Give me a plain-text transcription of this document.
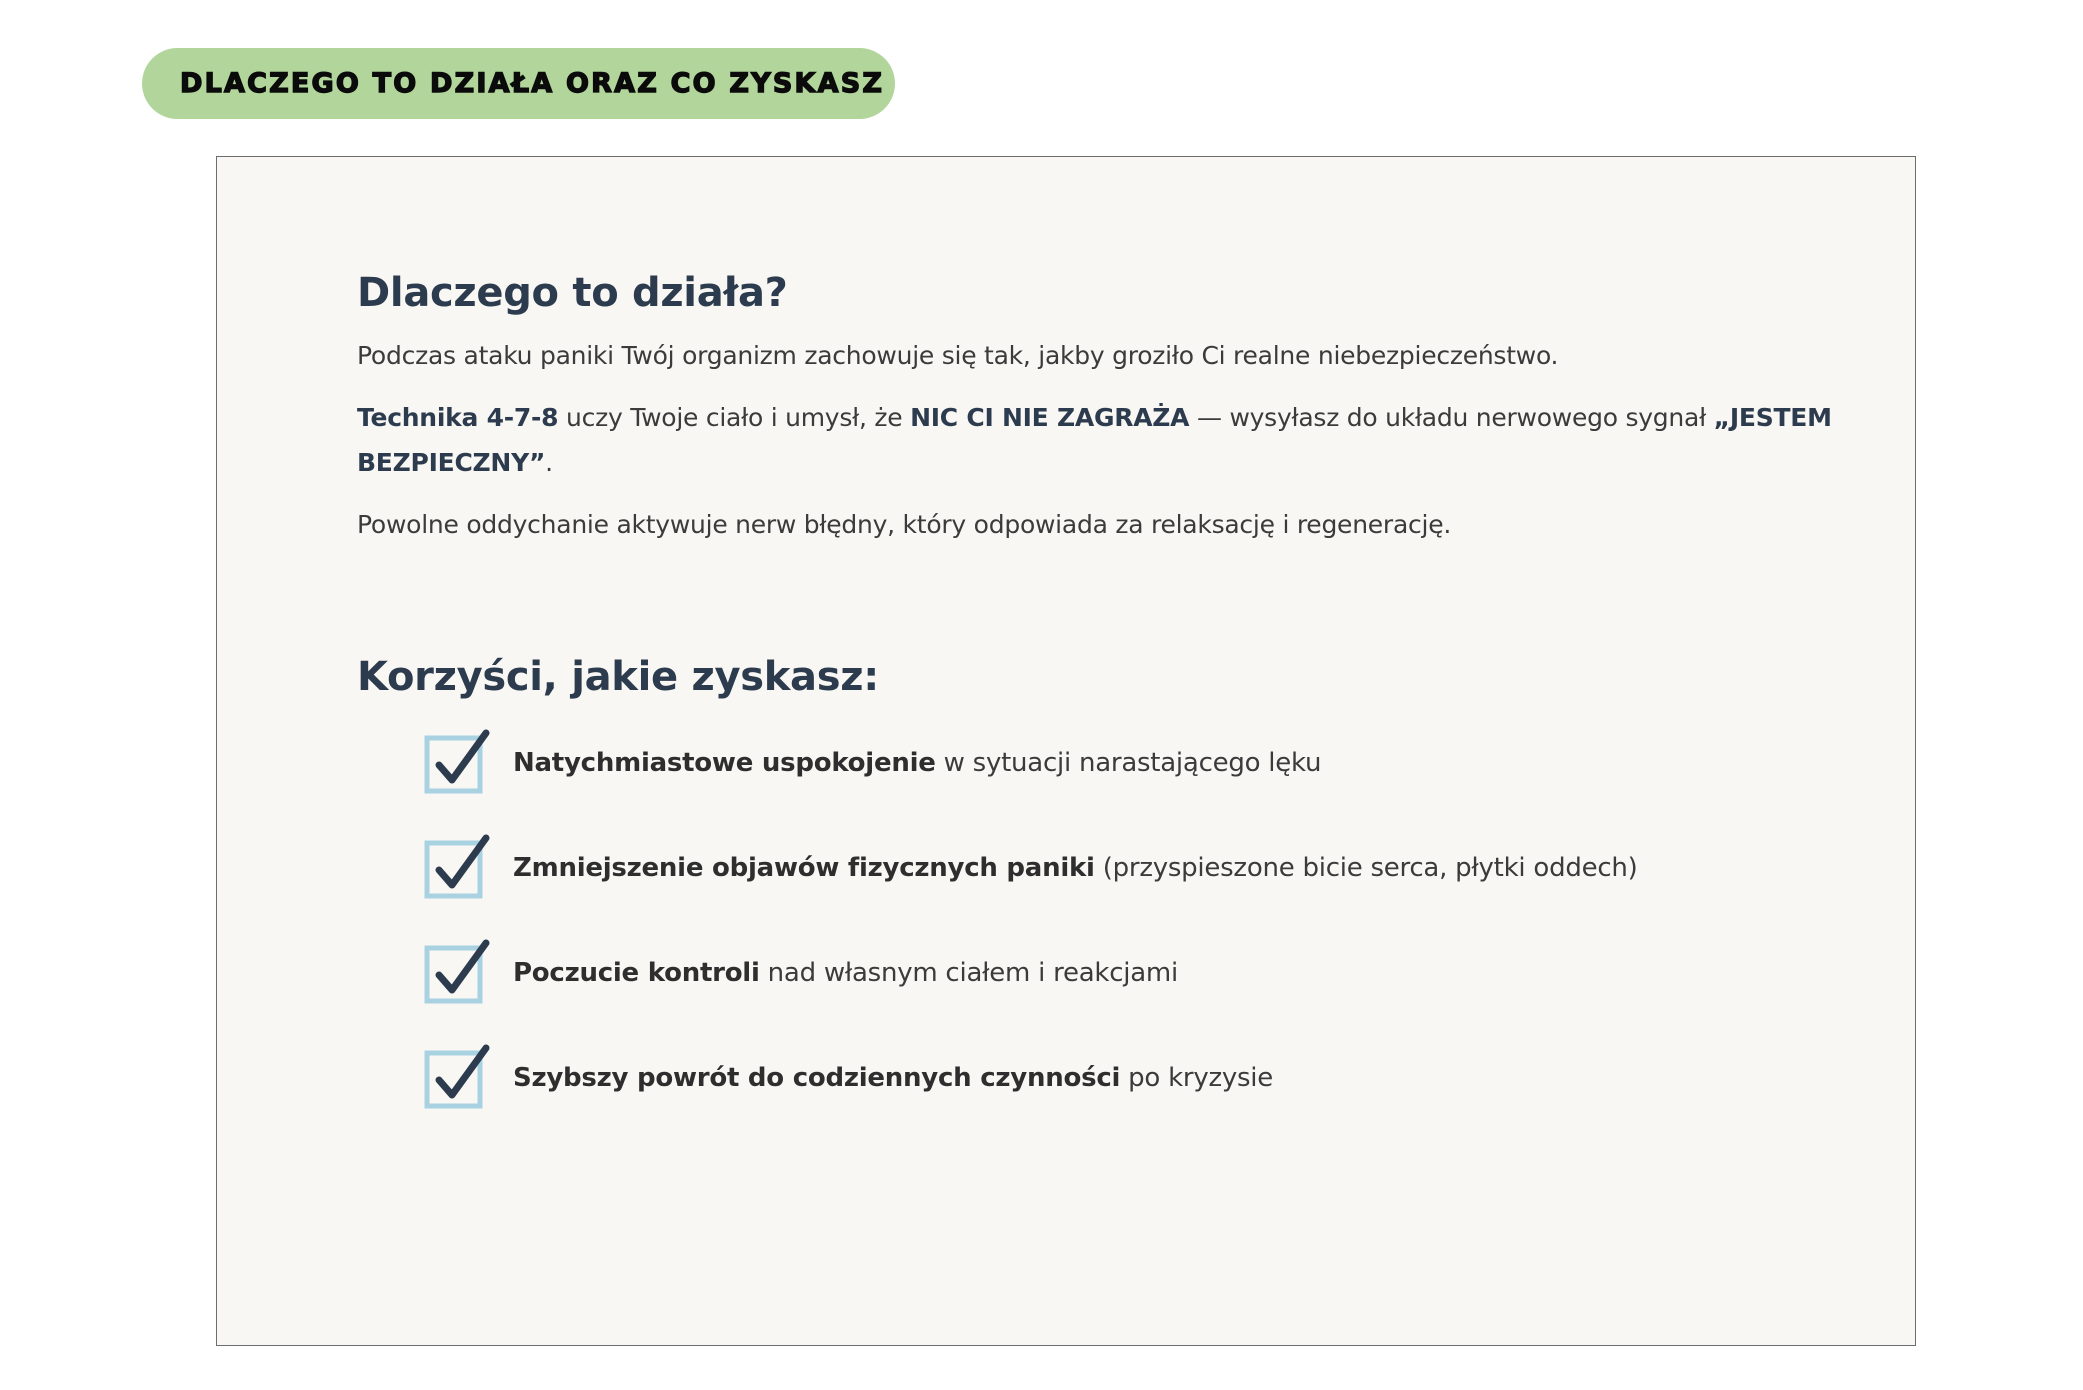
DLACZEGO TO DZIAŁA ORAZ CO ZYSKASZ
Dlaczego to działa?

Podczas ataku paniki Twój organizm zachowuje się tak, jakby groziło Ci realne niebezpieczeństwo.

Technika 4-7-8 uczy Twoje ciało i umysł, że NIC CI NIE ZAGRAŻA — wysyłasz do układu nerwowego sygnał „JESTEM BEZPIECZNY”.

Powolne oddychanie aktywuje nerw błędny, który odpowiada za relaksację i regenerację.

Korzyści, jakie zyskasz:
Natychmiastowe uspokojenie w sytuacji narastającego lęku
Zmniejszenie objawów fizycznych paniki (przyspieszone bicie serca, płytki oddech)
Poczucie kontroli nad własnym ciałem i reakcjami
Szybszy powrót do codziennych czynności po kryzysie
